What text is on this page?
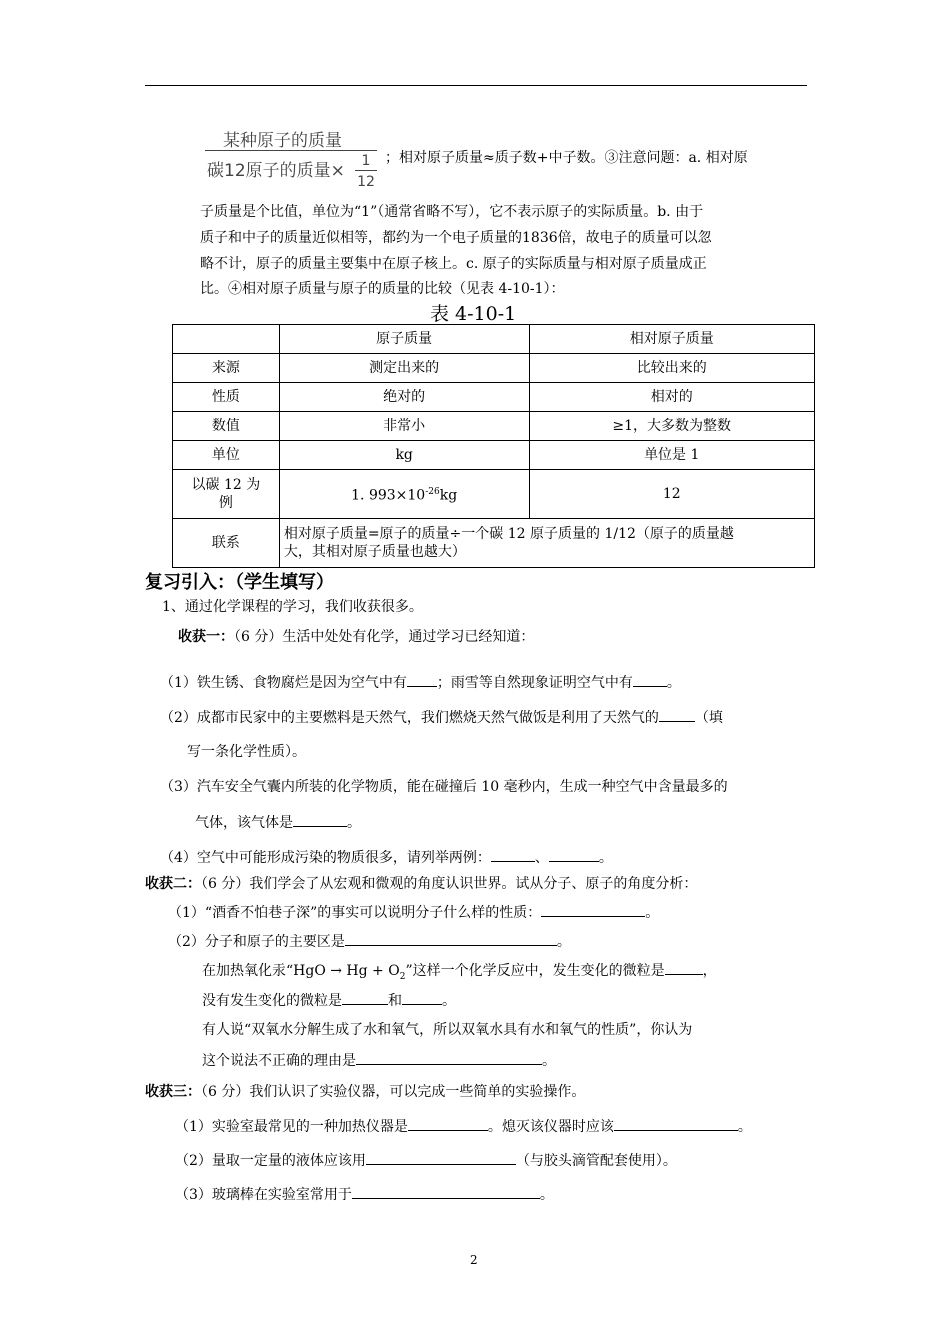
某种原子的质量
碳12原子的质量×	1
12
；相对原子质量≈质子数+中子数。③注意问题：a. 相对原
子质量是个比值，单位为“1”（通常省略不写），它不表示原子的实际质量。b. 由于
质子和中子的质量近似相等，都约为一个电子质量的1836倍，故电子的质量可以忽
略不计，原子的质量主要集中在原子核上。c. 原子的实际质量与相对原子质量成正
比。④相对原子质量与原子的质量的比较（见表 4-10-1）：
表 4-10-1
	原子质量	相对原子质量
来源	测定出来的	比较出来的
性质	绝对的	相对的
数值	非常小	≥1，大多数为整数
单位	kg	单位是 1
以碳 12 为
例	1. $993\times 10^{-26}kg$	12
联系	相对原子质量=原子的质量÷一个碳 12 原子质量的 1/12（原子的质量越
大，其相对原子质量也越大）	
复习引入：（学生填写）
1、通过化学课程的学习，我们收获很多。
收获一：（6 分）生活中处处有化学，通过学习已经知道：
（1）铁生锈、食物腐烂是因为空气中有 ；雨雪等自然现象证明空气中有 。
（2）成都市民家中的主要燃料是天然气，我们燃烧天然气做饭是利用了天然气的	（填
写一条化学性质）。
（3）汽车安全气囊内所装的化学物质，能在碰撞后 10 毫秒内，生成一种空气中含量最多的
气体，该气体是	。
（4）空气中可能形成污染的物质很多，请列举两例：	、	。
收获二：（6 分）我们学会了从宏观和微观的角度认识世界。试从分子、原子的角度分析：
（1）“酒香不怕巷子深”的事实可以说明分子什么样的性质：	。
（2）分子和原子的主要区是	。
在加热氧化汞“HgO → $Hg + O_2$”这样一个化学反应中，发生变化的微粒是	，
没有发生变化的微粒是	和	。
有人说“双氧水分解生成了水和氧气，所以双氧水具有水和氧气的性质”，你认为
这个说法不正确的理由是	。
收获三：（6 分）我们认识了实验仪器，可以完成一些简单的实验操作。
（1）实验室最常见的一种加热仪器是	。熄灭该仪器时应该	。
（2）量取一定量的液体应该用	（与胶头滴管配套使用）。
（3）玻璃棒在实验室常用于	。
2
